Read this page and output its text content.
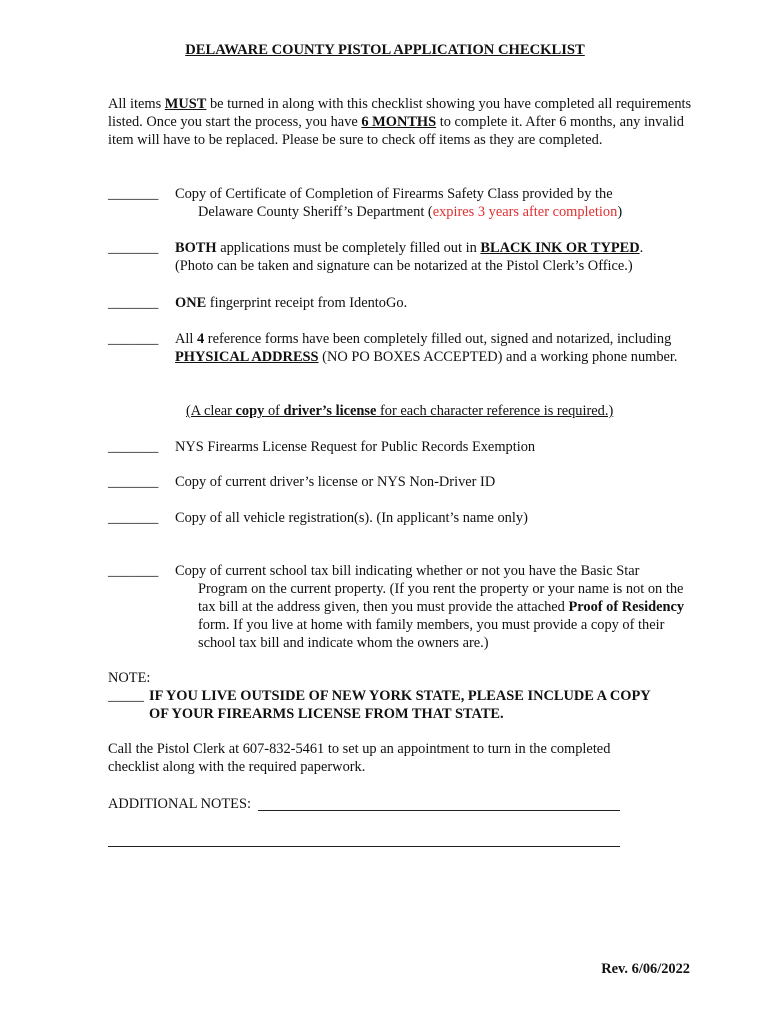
DELAWARE COUNTY PISTOL APPLICATION CHECKLIST
All items MUST be turned in along with this checklist showing you have completed all requirements listed. Once you start the process, you have 6 MONTHS to complete it. After 6 months, any invalid item will have to be replaced. Please be sure to check off items as they are completed.
_______ Copy of Certificate of Completion of Firearms Safety Class provided by the
Delaware County Sheriff’s Department (expires 3 years after completion)
_______ BOTH applications must be completely filled out in BLACK INK OR TYPED.
(Photo can be taken and signature can be notarized at the Pistol Clerk’s Office.)
_______ ONE fingerprint receipt from IdentoGo.
_______ All 4 reference forms have been completely filled out, signed and notarized, including PHYSICAL ADDRESS (NO PO BOXES ACCEPTED) and a working phone number.
(A clear copy of driver’s license for each character reference is required.)
_______ NYS Firearms License Request for Public Records Exemption
_______ Copy of current driver’s license or NYS Non-Driver ID
_______ Copy of all vehicle registration(s). (In applicant’s name only)
_______ Copy of current school tax bill indicating whether or not you have the Basic Star
Program on the current property. (If you rent the property or your name is not on the tax bill at the address given, then you must provide the attached Proof of Residency form. If you live at home with family members, you must provide a copy of their school tax bill and indicate whom the owners are.)
NOTE:
_____ IF YOU LIVE OUTSIDE OF NEW YORK STATE, PLEASE INCLUDE A COPY
OF YOUR FIREARMS LICENSE FROM THAT STATE.
Call the Pistol Clerk at 607-832-5461 to set up an appointment to turn in the completed checklist along with the required paperwork.
ADDITIONAL NOTES:
Rev. 6/06/2022
